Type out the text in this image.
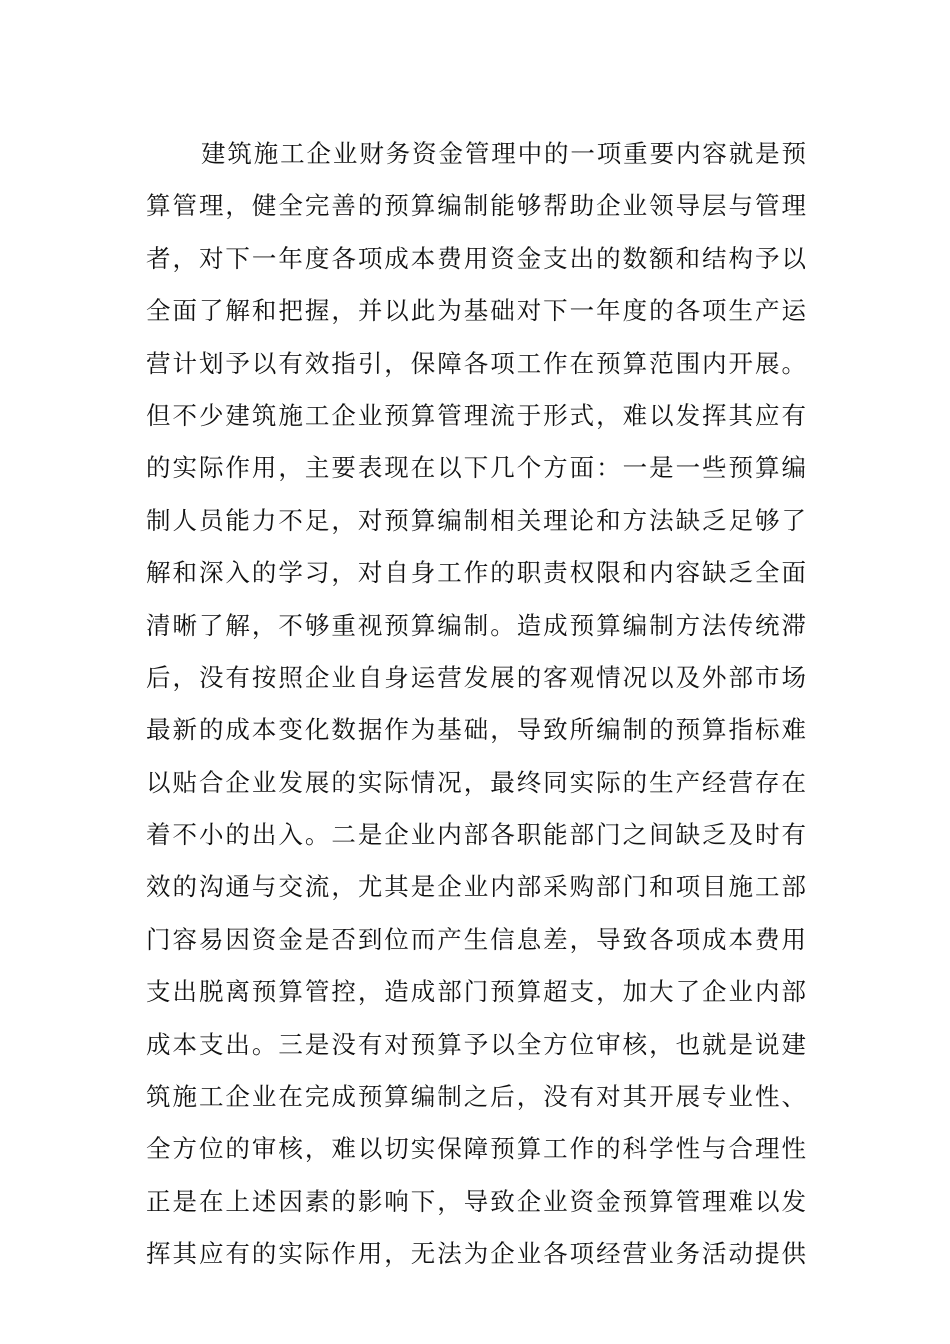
建筑施工企业财务资金管理中的一项重要内容就是预
算管理，健全完善的预算编制能够帮助企业领导层与管理
者，对下一年度各项成本费用资金支出的数额和结构予以
全面了解和把握，并以此为基础对下一年度的各项生产运
营计划予以有效指引，保障各项工作在预算范围内开展。
但不少建筑施工企业预算管理流于形式，难以发挥其应有
的实际作用，主要表现在以下几个方面：一是一些预算编
制人员能力不足，对预算编制相关理论和方法缺乏足够了
解和深入的学习，对自身工作的职责权限和内容缺乏全面
清晰了解，不够重视预算编制。造成预算编制方法传统滞
后，没有按照企业自身运营发展的客观情况以及外部市场
最新的成本变化数据作为基础，导致所编制的预算指标难
以贴合企业发展的实际情况，最终同实际的生产经营存在
着不小的出入。二是企业内部各职能部门之间缺乏及时有
效的沟通与交流，尤其是企业内部采购部门和项目施工部
门容易因资金是否到位而产生信息差，导致各项成本费用
支出脱离预算管控，造成部门预算超支，加大了企业内部
成本支出。三是没有对预算予以全方位审核，也就是说建
筑施工企业在完成预算编制之后，没有对其开展专业性、
全方位的审核，难以切实保障预算工作的科学性与合理性
正是在上述因素的影响下，导致企业资金预算管理难以发
挥其应有的实际作用，无法为企业各项经营业务活动提供
